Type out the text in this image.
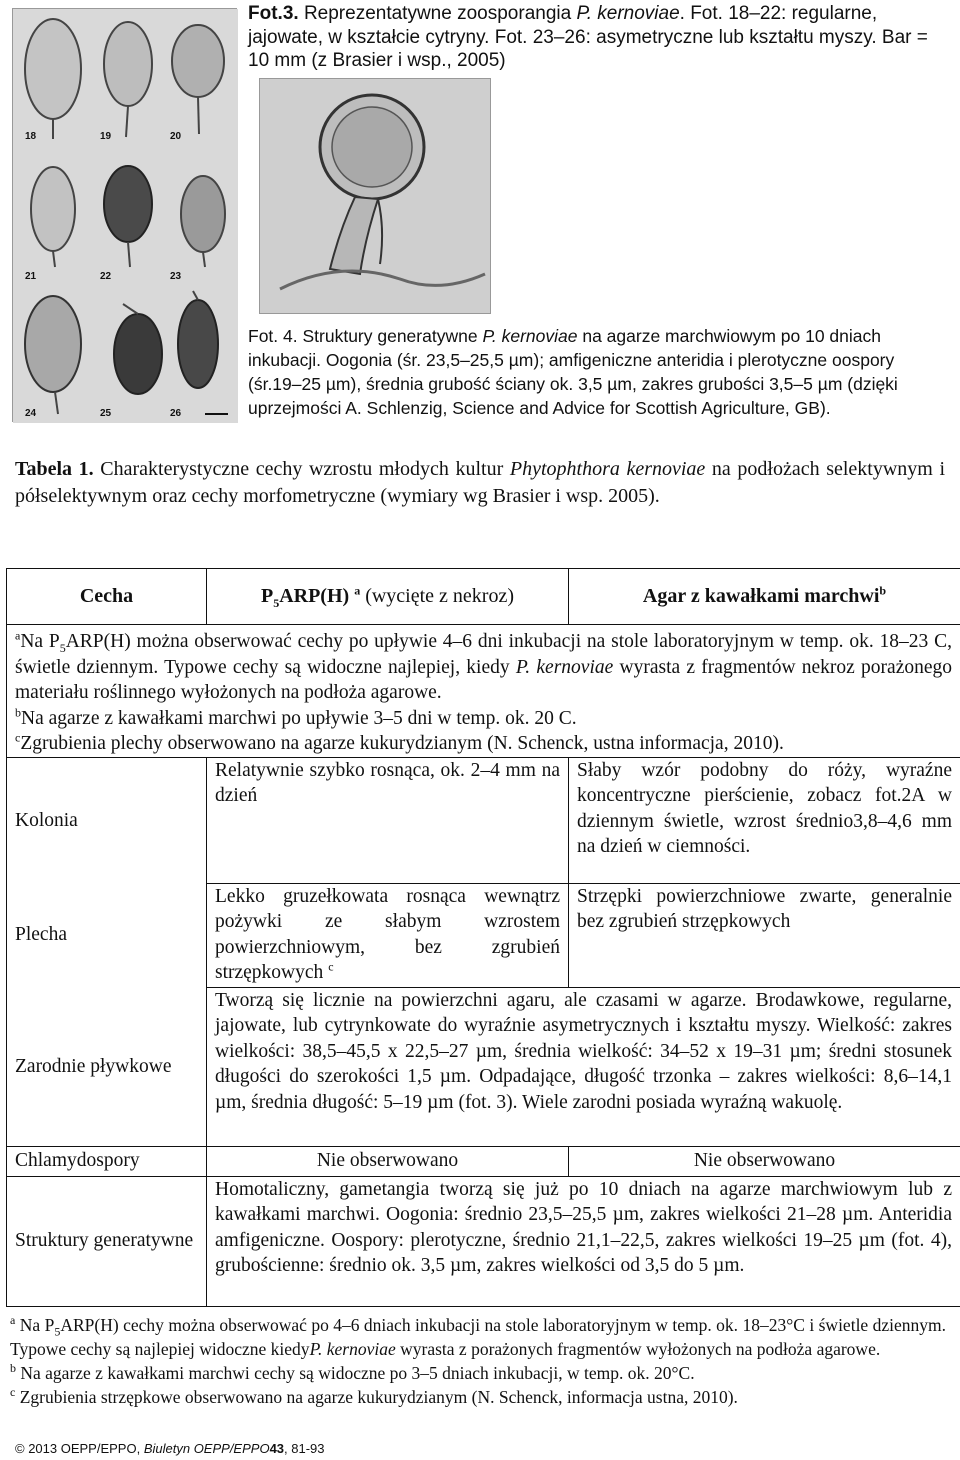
18	19	20
21	22	23
24	25	26
Fot.3. Reprezentatywne zoosporangia P. kernoviae. Fot. 18–22: regularne, jajowate, w kształcie cytryny. Fot. 23–26: asymetryczne lub kształtu myszy. Bar = 10 mm (z Brasier i wsp., 2005)
Fot. 4. Struktury generatywne P. kernoviae na agarze marchwiowym po 10 dniach inkubacji. Oogonia (śr. 23,5–25,5 µm); amfigeniczne anteridia i plerotyczne oospory (śr.19–25 µm), średnia grubość ściany ok. 3,5 µm, zakres grubości 3,5–5 µm (dzięki uprzejmości A. Schlenzig, Science and Advice for Scottish Agriculture, GB).
Tabela 1. Charakterystyczne cechy wzrostu młodych kultur Phytophthora kernoviae na podłożach selektywnym i półselektywnym oraz cechy morfometryczne (wymiary wg Brasier i wsp. 2005).
Cecha	$P_5ARP(H)$ $^a$ (wycięte z nekroz)	Agar z kawałkami marchwi$^b$

$^a$Na $P_5ARP(H)$ można obserwować cechy po upływie 4–6 dni inkubacji na stole laboratoryjnym w temp. ok. 18–23 C, świetle dziennym. Typowe cechy są widoczne najlepiej, kiedy P. kernoviae wyrasta z fragmentów nekroz porażonego materiału roślinnego wyłożonych na podłoża agarowe.

$^b$Na agarze z kawałkami marchwi po upływie 3–5 dni w temp. ok. 20 C.

$^c$Zgrubienia plechy obserwowano na agarze kukurydzianym (N. Schenck, ustna informacja, 2010).		

Kolonia	Relatywnie szybko rosnąca, ok. 2–4 mm na dzień	Słaby wzór podobny do róży, wyraźne koncentryczne pierścienie, zobacz fot.2A w dziennym świetle, wzrost średnio3,8–4,6 mm na dzień w ciemności.
Plecha	Lekko gruzełkowata rosnąca wewnątrz pożywki ze słabym wzrostem powierzchniowym, bez zgrubień strzępkowych $^c$	Strzępki powierzchniowe zwarte, generalnie bez zgrubień strzępkowych
Zarodnie pływkowe	Tworzą się licznie na powierzchni agaru, ale czasami w agarze. Brodawkowe, regularne, jajowate, lub cytrynkowate do wyraźnie asymetrycznych i kształtu myszy. Wielkość: zakres wielkości: 38,5–45,5 x 22,5–27 µm, średnia wielkość: 34–52 x 19–31 µm; średni stosunek długości do szerokości 1,5 µm. Odpadające, długość trzonka – zakres wielkości: 8,6–14,1 µm, średnia długość: 5–19 µm (fot. 3). Wiele zarodni posiada wyraźną wakuolę.	
Chlamydospory	Nie obserwowano	Nie obserwowano
Struktury generatywne	Homotaliczny, gametangia tworzą się już po 10 dniach na agarze marchwiowym lub z kawałkami marchwi. Oogonia: średnio 23,5–25,5 µm, zakres wielkości 21–28 µm. Anteridia amfigeniczne. Oospory: plerotyczne, średnio 21,1–22,5, zakres wielkości 19–25 µm (fot. 4), grubościenne: średnio ok. 3,5 µm, zakres wielkości od 3,5 do 5 µm.	

$^a$ Na $P_5ARP(H)$ cechy można obserwować po 4–6 dniach inkubacji na stole laboratoryjnym w temp. ok. 18–23°C i świetle dziennym. Typowe cechy są najlepiej widoczne kiedyP. kernoviae wyrasta z porażonych fragmentów wyłożonych na podłoża agarowe.

$^b$ Na agarze z kawałkami marchwi cechy są widoczne po 3–5 dniach inkubacji, w temp. ok. 20°C.

$^c$ Zgrubienia strzępkowe obserwowano na agarze kukurydzianym (N. Schenck, informacja ustna, 2010).

© 2013 OEPP/EPPO, Biuletyn OEPP/EPPO43, 81-93
